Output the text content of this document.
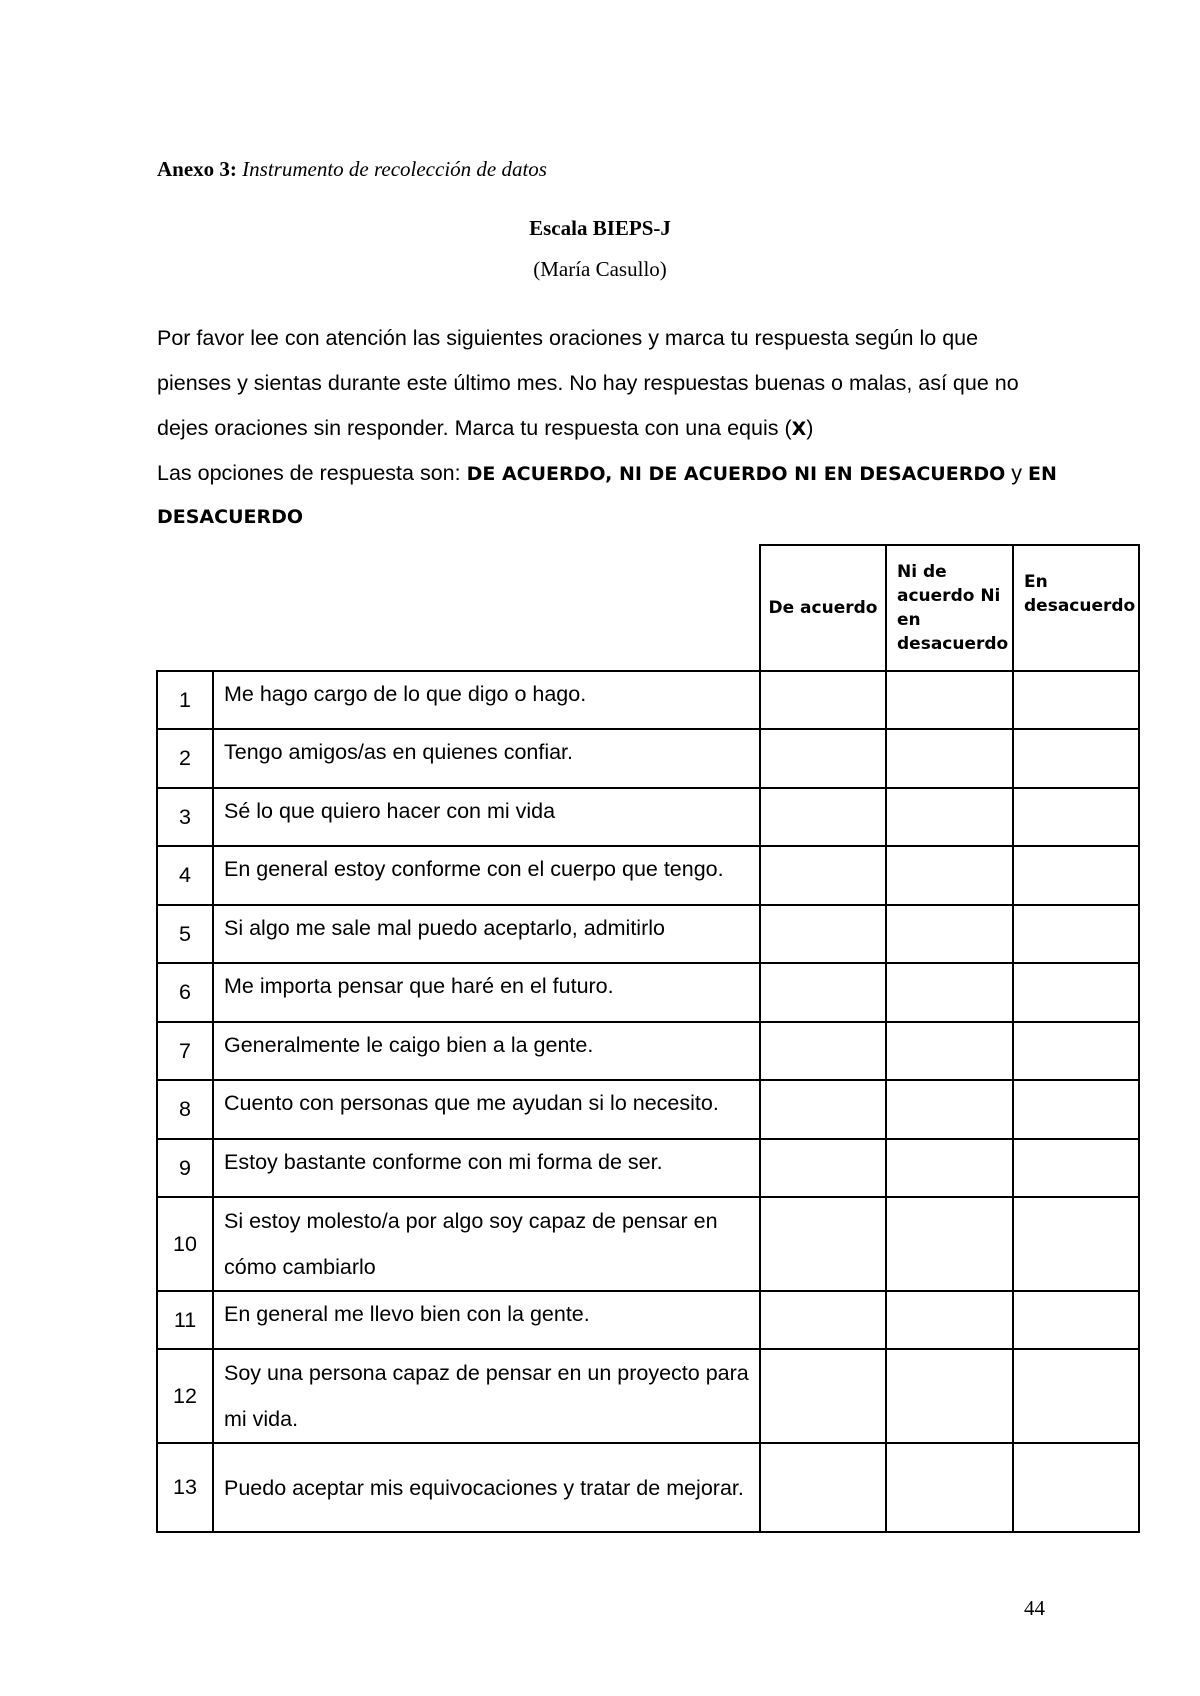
Anexo 3: Instrumento de recolección de datos
Escala BIEPS-J
(María Casullo)
Por favor lee con atención las siguientes oraciones y marca tu respuesta según lo que
pienses y sientas durante este último mes. No hay respuestas buenas o malas, así que no
dejes oraciones sin responder. Marca tu respuesta con una equis (X)
Las opciones de respuesta son: DE ACUERDO, NI DE ACUERDO NI EN DESACUERDO y EN
DESACUERDO
		De acuerdo	Ni de acuerdo Ni en desacuerdo	En desacuerdo
1	Me hago cargo de lo que digo o hago.			
2	Tengo amigos/as en quienes confiar.			
3	Sé lo que quiero hacer con mi vida			
4	En general estoy conforme con el cuerpo que tengo.			
5	Si algo me sale mal puedo aceptarlo, admitirlo			
6	Me importa pensar que haré en el futuro.			
7	Generalmente le caigo bien a la gente.			
8	Cuento con personas que me ayudan si lo necesito.			
9	Estoy bastante conforme con mi forma de ser.			
10	Si estoy molesto/a por algo soy capaz de pensar en cómo cambiarlo			
11	En general me llevo bien con la gente.			
12	Soy una persona capaz de pensar en un proyecto para mi vida.			
13	Puedo aceptar mis equivocaciones y tratar de mejorar.			
44
